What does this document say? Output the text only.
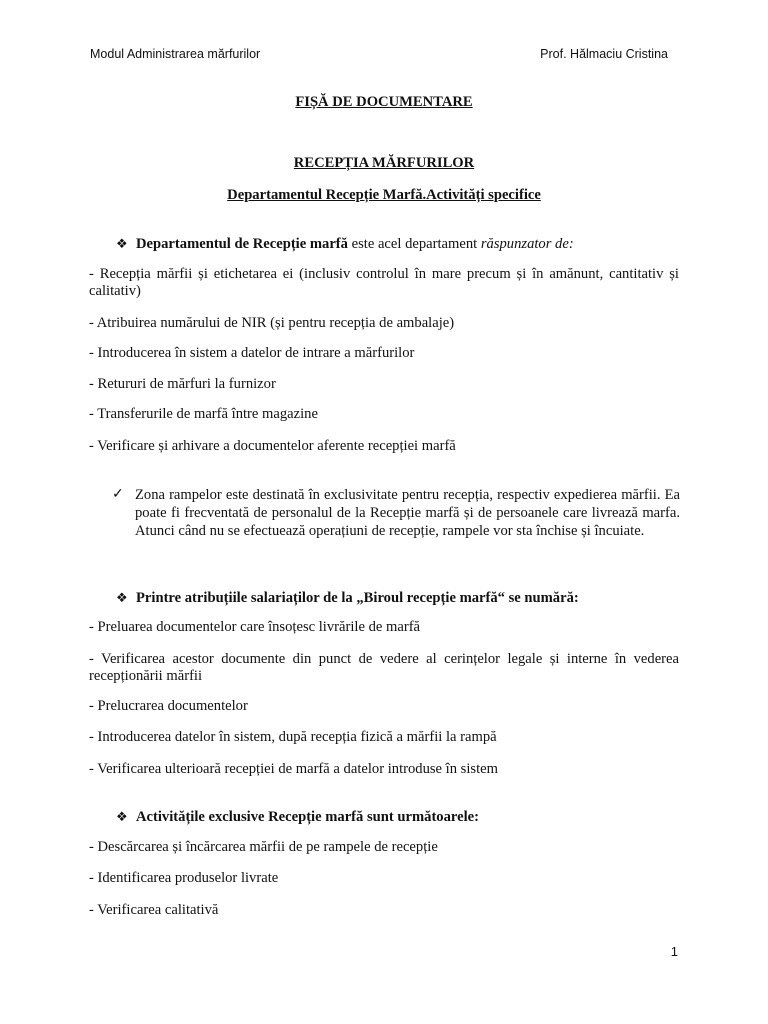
Modul Administrarea mărfurilor	Prof. Hălmaciu Cristina
FIȘĂ DE DOCUMENTARE
RECEPȚIA MĂRFURILOR
Departamentul Recepție Marfă.Activități specifice
❖ Departamentul de Recepție marfă este acel departament răspunzator de:
- Recepția mărfii și etichetarea ei (inclusiv controlul în mare precum și în amănunt, cantitativ și calitativ)
- Atribuirea numărului de NIR (și pentru recepția de ambalaje)
- Introducerea în sistem a datelor de intrare a mărfurilor
- Retururi de mărfuri la furnizor
- Transferurile de marfă între magazine
- Verificare și arhivare a documentelor aferente recepției marfă
✓ Zona rampelor este destinată în exclusivitate pentru recepția, respectiv expedierea mărfii. Ea poate fi frecventată de personalul de la Recepție marfă și de persoanele care livrează marfa. Atunci când nu se efectuează operațiuni de recepție, rampele vor sta închise și încuiate.
❖ Printre atribuțiile salariaților de la „Biroul recepție marfă“ se numără:
- Preluarea documentelor care însoțesc livrările de marfă
- Verificarea acestor documente din punct de vedere al cerințelor legale și interne în vederea recepționării mărfii
- Prelucrarea documentelor
- Introducerea datelor în sistem, după recepția fizică a mărfii la rampă
- Verificarea ulterioară recepției de marfă a datelor introduse în sistem
❖ Activitățile exclusive Recepție marfă sunt următoarele:
- Descărcarea și încărcarea mărfii de pe rampele de recepție
- Identificarea produselor livrate
- Verificarea calitativă
1
